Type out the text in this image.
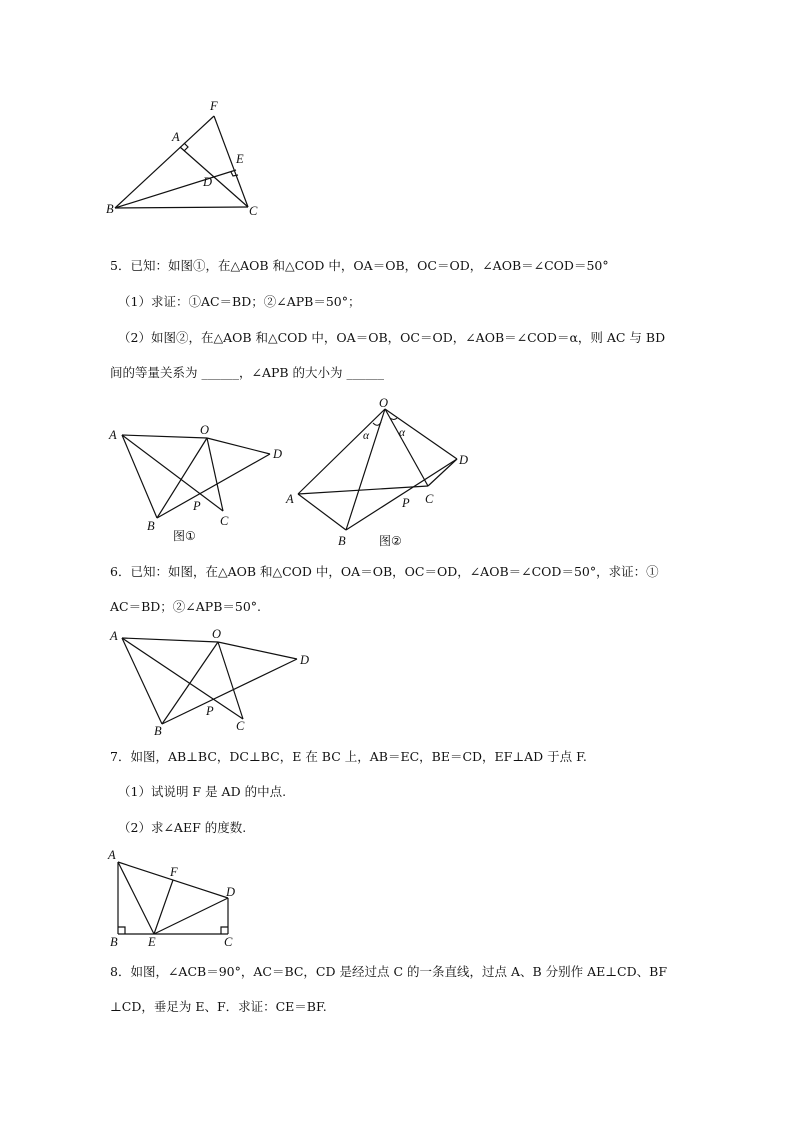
F
A
E
D
B	C
5．已知：如图①，在△AOB 和△COD 中，OA＝OB，OC＝OD，∠AOB＝∠COD＝50°
（1）求证：①AC＝BD；②∠APB＝50°；
（2）如图②，在△AOB 和△COD 中，OA＝OB，OC＝OD，∠AOB＝∠COD＝α，则 AC 与 BD
间的等量关系为 ______，∠APB 的大小为 ______
A	O
D
P
B	C
图①
O
α	α
D
A	P C
B	图②
6．已知：如图，在△AOB 和△COD 中，OA＝OB，OC＝OD，∠AOB＝∠COD＝50°，求证：①
AC＝BD；②∠APB＝50°.
A	O
D
P
B	C
7．如图，AB⊥BC，DC⊥BC，E 在 BC 上，AB＝EC，BE＝CD，EF⊥AD 于点 F.
（1）试说明 F 是 AD 的中点.
（2）求∠AEF 的度数.
A
F
D
B E	C
8．如图，∠ACB＝90°，AC＝BC，CD 是经过点 C 的一条直线，过点 A、B 分别作 AE⊥CD、BF
⊥CD，垂足为 E、F．求证：CE＝BF.
